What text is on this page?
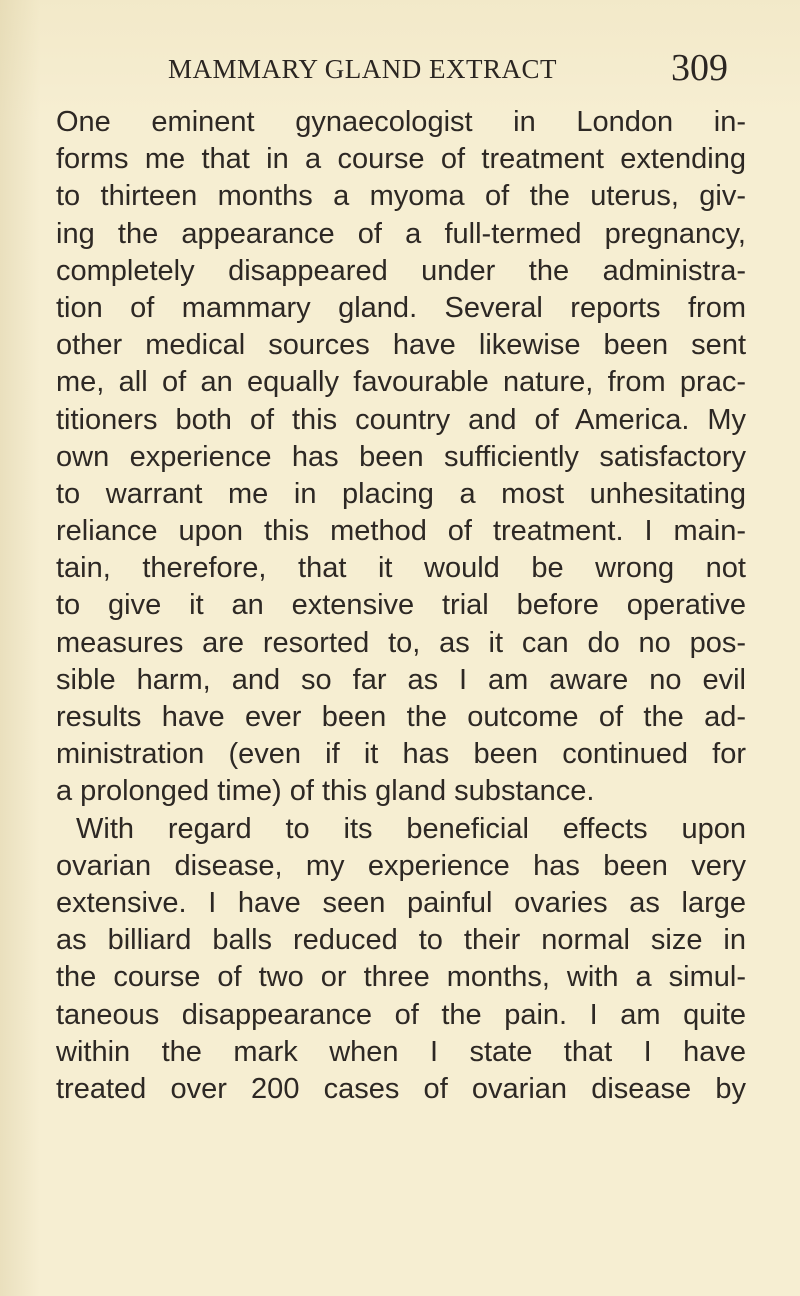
MAMMARY GLAND EXTRACT	309
One eminent gynaecologist in London in-
forms me that in a course of treatment extending
to thirteen months a myoma of the uterus, giv-
ing the appearance of a full-termed pregnancy,
completely disappeared under the administra-
tion of mammary gland. Several reports from
other medical sources have likewise been sent
me, all of an equally favourable nature, from prac-
titioners both of this country and of America. My
own experience has been sufficiently satisfactory
to warrant me in placing a most unhesitating
reliance upon this method of treatment. I main-
tain, therefore, that it would be wrong not
to give it an extensive trial before operative
measures are resorted to, as it can do no pos-
sible harm, and so far as I am aware no evil
results have ever been the outcome of the ad-
ministration (even if it has been continued for
a prolonged time) of this gland substance.
With regard to its beneficial effects upon
ovarian disease, my experience has been very
extensive. I have seen painful ovaries as large
as billiard balls reduced to their normal size in
the course of two or three months, with a simul-
taneous disappearance of the pain. I am quite
within the mark when I state that I have
treated over 200 cases of ovarian disease by
